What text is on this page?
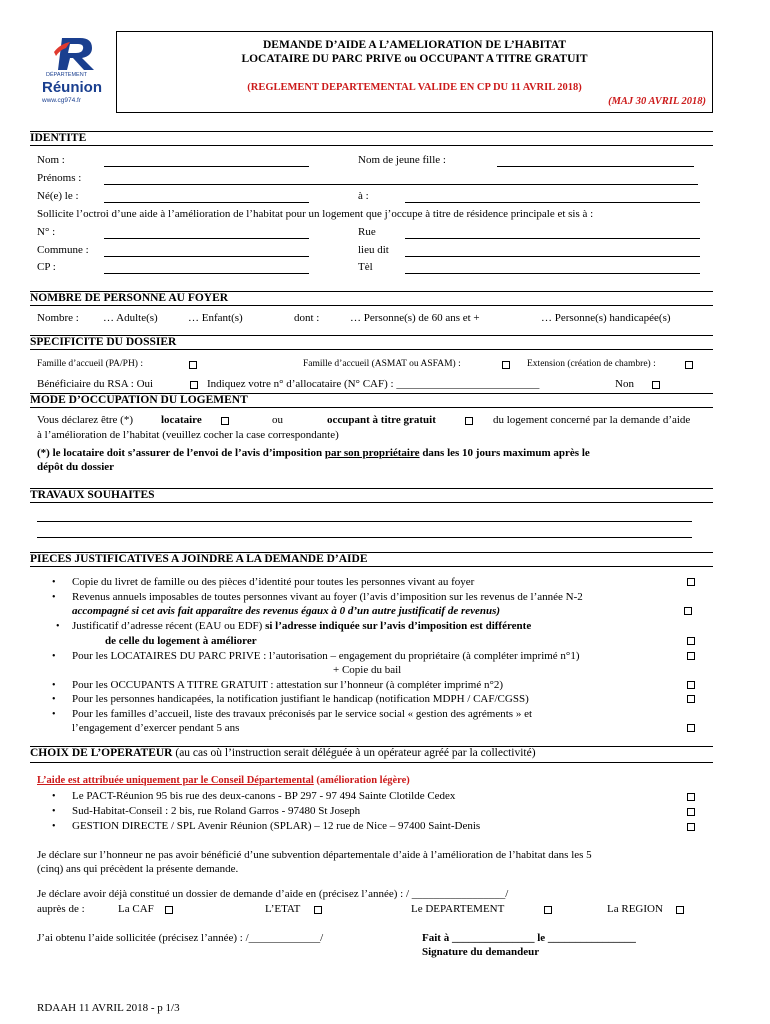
DÉPARTEMENT
Réunion
www.cg974.fr
DEMANDE D’AIDE A L’AMELIORATION DE L’HABITAT
LOCATAIRE DU PARC PRIVE ou OCCUPANT A TITRE GRATUIT
(REGLEMENT DEPARTEMENTAL VALIDE EN CP DU 11 AVRIL 2018)
(MAJ 30 AVRIL 2018)
IDENTITE
Nom :	Nom de jeune fille :
Prénoms :
Né(e) le :	à :
Sollicite l’octroi d’une aide à l’amélioration de l’habitat pour un logement que j’occupe à titre de résidence principale et sis à :
N° :	Rue
Commune :	lieu dit
CP :	Tèl
NOMBRE DE PERSONNE AU FOYER
Nombre : … Adulte(s)	… Enfant(s)	dont :	… Personne(s) de 60 ans et +	… Personne(s) handicapée(s)
SPECIFICITE DU DOSSIER
Famille d’accueil (PA/PH) :	Famille d’accueil (ASMAT ou ASFAM) :	Extension (création de chambre) :
Bénéficiaire du RSA : Oui	Indiquez votre n° d’allocataire (N° CAF) : __________________________	Non
MODE D’OCCUPATION DU LOGEMENT
Vous déclarez être (*)	locataire	ou	occupant à titre gratuit	du logement concerné par la demande d’aide
à l’amélioration de l’habitat (veuillez cocher la case correspondante)
(*) le locataire doit s’assurer de l’envoi de l’avis d’imposition par son propriétaire dans les 10 jours maximum après le
dépôt du dossier
TRAVAUX SOUHAITES
PIECES JUSTIFICATIVES A JOINDRE A LA DEMANDE D’AIDE
• Copie du livret de famille ou des pièces d’identité pour toutes les personnes vivant au foyer
• Revenus annuels imposables de toutes personnes vivant au foyer (l’avis d’imposition sur les revenus de l’année N-2
accompagné si cet avis fait apparaître des revenus égaux à 0 d’un autre justificatif de revenus)
• Justificatif d’adresse récent (EAU ou EDF) si l’adresse indiquée sur l’avis d’imposition est différente
de celle du logement à améliorer
• Pour les LOCATAIRES DU PARC PRIVE : l’autorisation – engagement du propriétaire (à compléter imprimé n°1)
+ Copie du bail
• Pour les OCCUPANTS A TITRE GRATUIT : attestation sur l’honneur (à compléter imprimé n°2)
• Pour les personnes handicapées, la notification justifiant le handicap (notification MDPH / CAF/CGSS)
• Pour les familles d’accueil, liste des travaux préconisés par le service social « gestion des agréments » et
l’engagement d’exercer pendant 5 ans
CHOIX DE L’OPERATEUR (au cas où l’instruction serait déléguée à un opérateur agréé par la collectivité)
L’aide est attribuée uniquement par le Conseil Départemental (amélioration légère)
• Le PACT-Réunion 95 bis rue des deux-canons - BP 297 - 97 494 Sainte Clotilde Cedex
• Sud-Habitat-Conseil : 2 bis, rue Roland Garros - 97480 St Joseph
• GESTION DIRECTE / SPL Avenir Réunion (SPLAR) – 12 rue de Nice – 97400 Saint-Denis
Je déclare sur l’honneur ne pas avoir bénéficié d’une subvention départementale d’aide à l’amélioration de l’habitat dans les 5
(cinq) ans qui précèdent la présente demande.
Je déclare avoir déjà constitué un dossier de demande d’aide en (précisez l’année) : / _________________/
auprès de :	La CAF	L’ETAT	Le DEPARTEMENT	La REGION
J’ai obtenu l’aide sollicitée (précisez l’année) : /_____________/	Fait à _______________ le ________________
Signature du demandeur
RDAAH 11 AVRIL 2018 - p 1/3
